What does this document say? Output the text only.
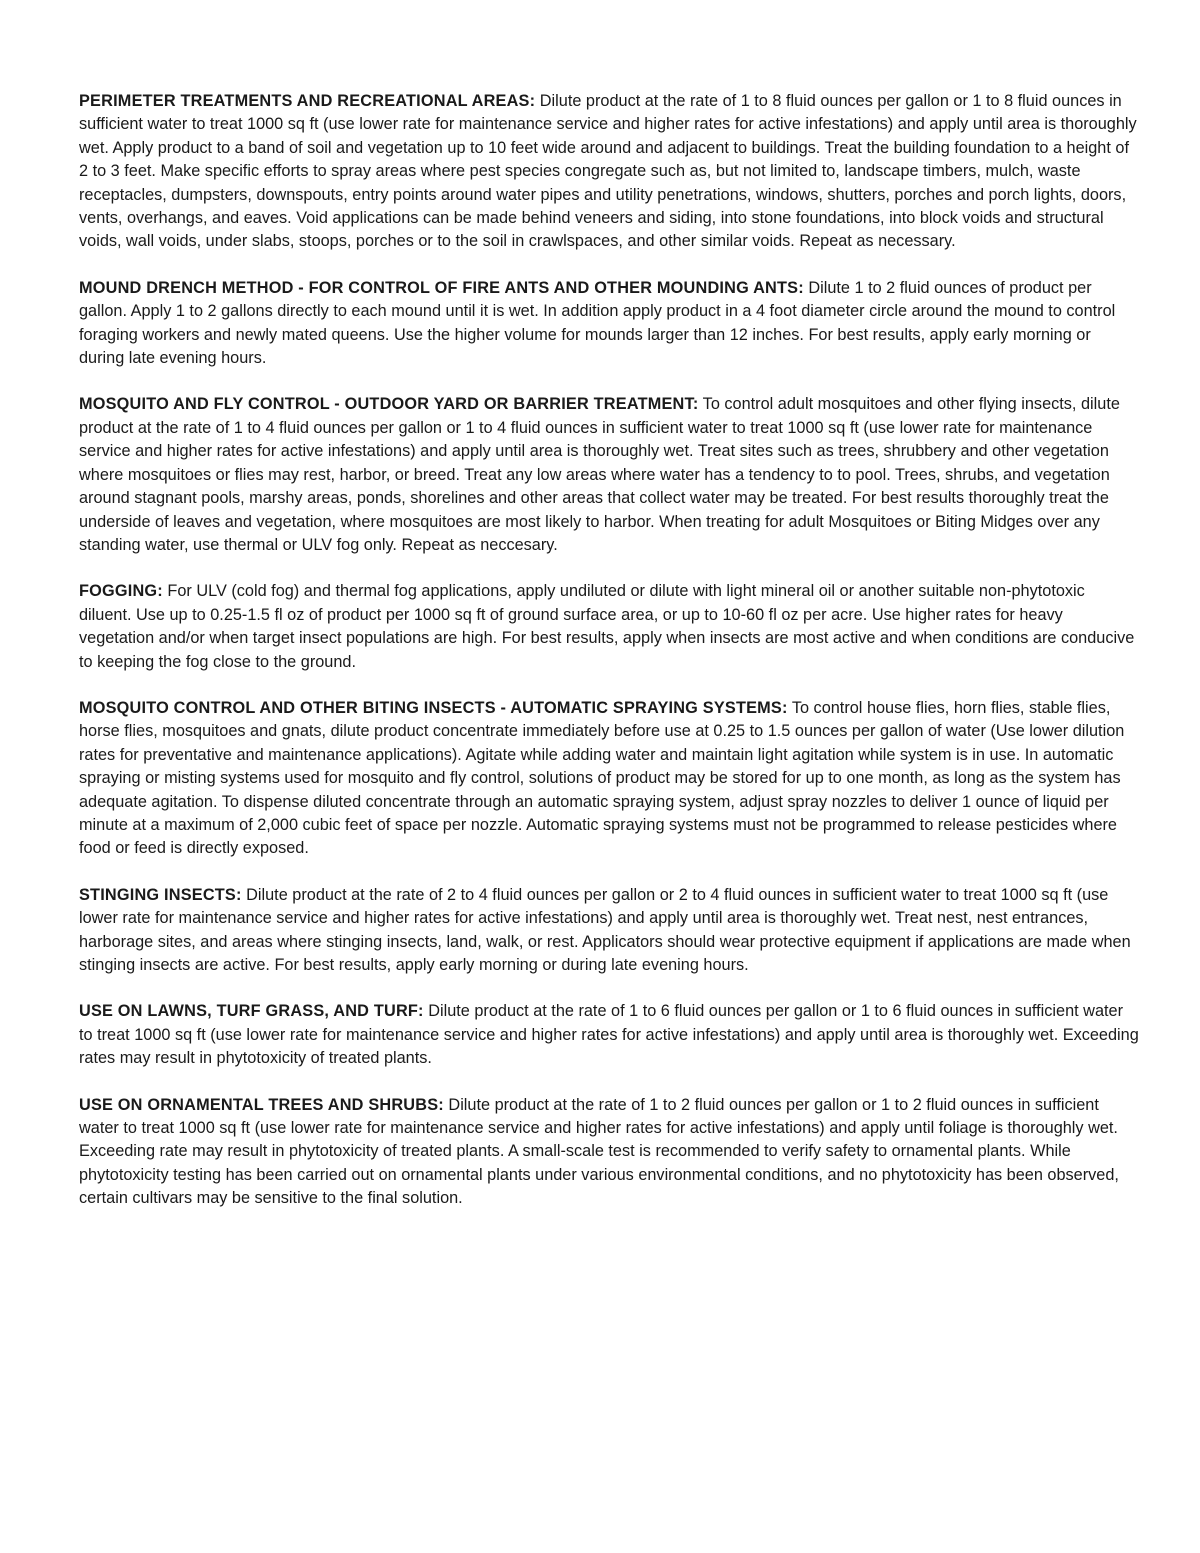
PERIMETER TREATMENTS AND RECREATIONAL AREAS: Dilute product at the rate of 1 to 8 fluid ounces per gallon or 1 to 8 fluid ounces in sufficient water to treat 1000 sq ft (use lower rate for maintenance service and higher rates for active infestations) and apply until area is thoroughly wet. Apply product to a band of soil and vegetation up to 10 feet wide around and adjacent to buildings. Treat the building foundation to a height of 2 to 3 feet. Make specific efforts to spray areas where pest species congregate such as, but not limited to, landscape timbers, mulch, waste receptacles, dumpsters, downspouts, entry points around water pipes and utility penetrations, windows, shutters, porches and porch lights, doors, vents, overhangs, and eaves. Void applications can be made behind veneers and siding, into stone foundations, into block voids and structural voids, wall voids, under slabs, stoops, porches or to the soil in crawlspaces, and other similar voids. Repeat as necessary.

MOUND DRENCH METHOD - FOR CONTROL OF FIRE ANTS AND OTHER MOUNDING ANTS: Dilute 1 to 2 fluid ounces of product per gallon. Apply 1 to 2 gallons directly to each mound until it is wet. In addition apply product in a 4 foot diameter circle around the mound to control foraging workers and newly mated queens. Use the higher volume for mounds larger than 12 inches. For best results, apply early morning or during late evening hours.

MOSQUITO AND FLY CONTROL - OUTDOOR YARD OR BARRIER TREATMENT: To control adult mosquitoes and other flying insects, dilute product at the rate of 1 to 4 fluid ounces per gallon or 1 to 4 fluid ounces in sufficient water to treat 1000 sq ft (use lower rate for maintenance service and higher rates for active infestations) and apply until area is thoroughly wet. Treat sites such as trees, shrubbery and other vegetation where mosquitoes or flies may rest, harbor, or breed. Treat any low areas where water has a tendency to to pool. Trees, shrubs, and vegetation around stagnant pools, marshy areas, ponds, shorelines and other areas that collect water may be treated. For best results thoroughly treat the underside of leaves and vegetation, where mosquitoes are most likely to harbor. When treating for adult Mosquitoes or Biting Midges over any standing water, use thermal or ULV fog only. Repeat as neccesary.

FOGGING: For ULV (cold fog) and thermal fog applications, apply undiluted or dilute with light mineral oil or another suitable non-phytotoxic diluent. Use up to 0.25-1.5 fl oz of product per 1000 sq ft of ground surface area, or up to 10-60 fl oz per acre. Use higher rates for heavy vegetation and/or when target insect populations are high. For best results, apply when insects are most active and when conditions are conducive to keeping the fog close to the ground.

MOSQUITO CONTROL AND OTHER BITING INSECTS - AUTOMATIC SPRAYING SYSTEMS: To control house flies, horn flies, stable flies, horse flies, mosquitoes and gnats, dilute product concentrate immediately before use at 0.25 to 1.5 ounces per gallon of water (Use lower dilution rates for preventative and maintenance applications). Agitate while adding water and maintain light agitation while system is in use. In automatic spraying or misting systems used for mosquito and fly control, solutions of product may be stored for up to one month, as long as the system has adequate agitation. To dispense diluted concentrate through an automatic spraying system, adjust spray nozzles to deliver 1 ounce of liquid per minute at a maximum of 2,000 cubic feet of space per nozzle. Automatic spraying systems must not be programmed to release pesticides where food or feed is directly exposed.

STINGING INSECTS: Dilute product at the rate of 2 to 4 fluid ounces per gallon or 2 to 4 fluid ounces in sufficient water to treat 1000 sq ft (use lower rate for maintenance service and higher rates for active infestations) and apply until area is thoroughly wet. Treat nest, nest entrances, harborage sites, and areas where stinging insects, land, walk, or rest. Applicators should wear protective equipment if applications are made when stinging insects are active. For best results, apply early morning or during late evening hours.

USE ON LAWNS, TURF GRASS, AND TURF: Dilute product at the rate of 1 to 6 fluid ounces per gallon or 1 to 6 fluid ounces in sufficient water to treat 1000 sq ft (use lower rate for maintenance service and higher rates for active infestations) and apply until area is thoroughly wet. Exceeding rates may result in phytotoxicity of treated plants.

USE ON ORNAMENTAL TREES AND SHRUBS: Dilute product at the rate of 1 to 2 fluid ounces per gallon or 1 to 2 fluid ounces in sufficient water to treat 1000 sq ft (use lower rate for maintenance service and higher rates for active infestations) and apply until foliage is thoroughly wet. Exceeding rate may result in phytotoxicity of treated plants. A small-scale test is recommended to verify safety to ornamental plants. While phytotoxicity testing has been carried out on ornamental plants under various environmental conditions, and no phytotoxicity has been observed, certain cultivars may be sensitive to the final solution.
